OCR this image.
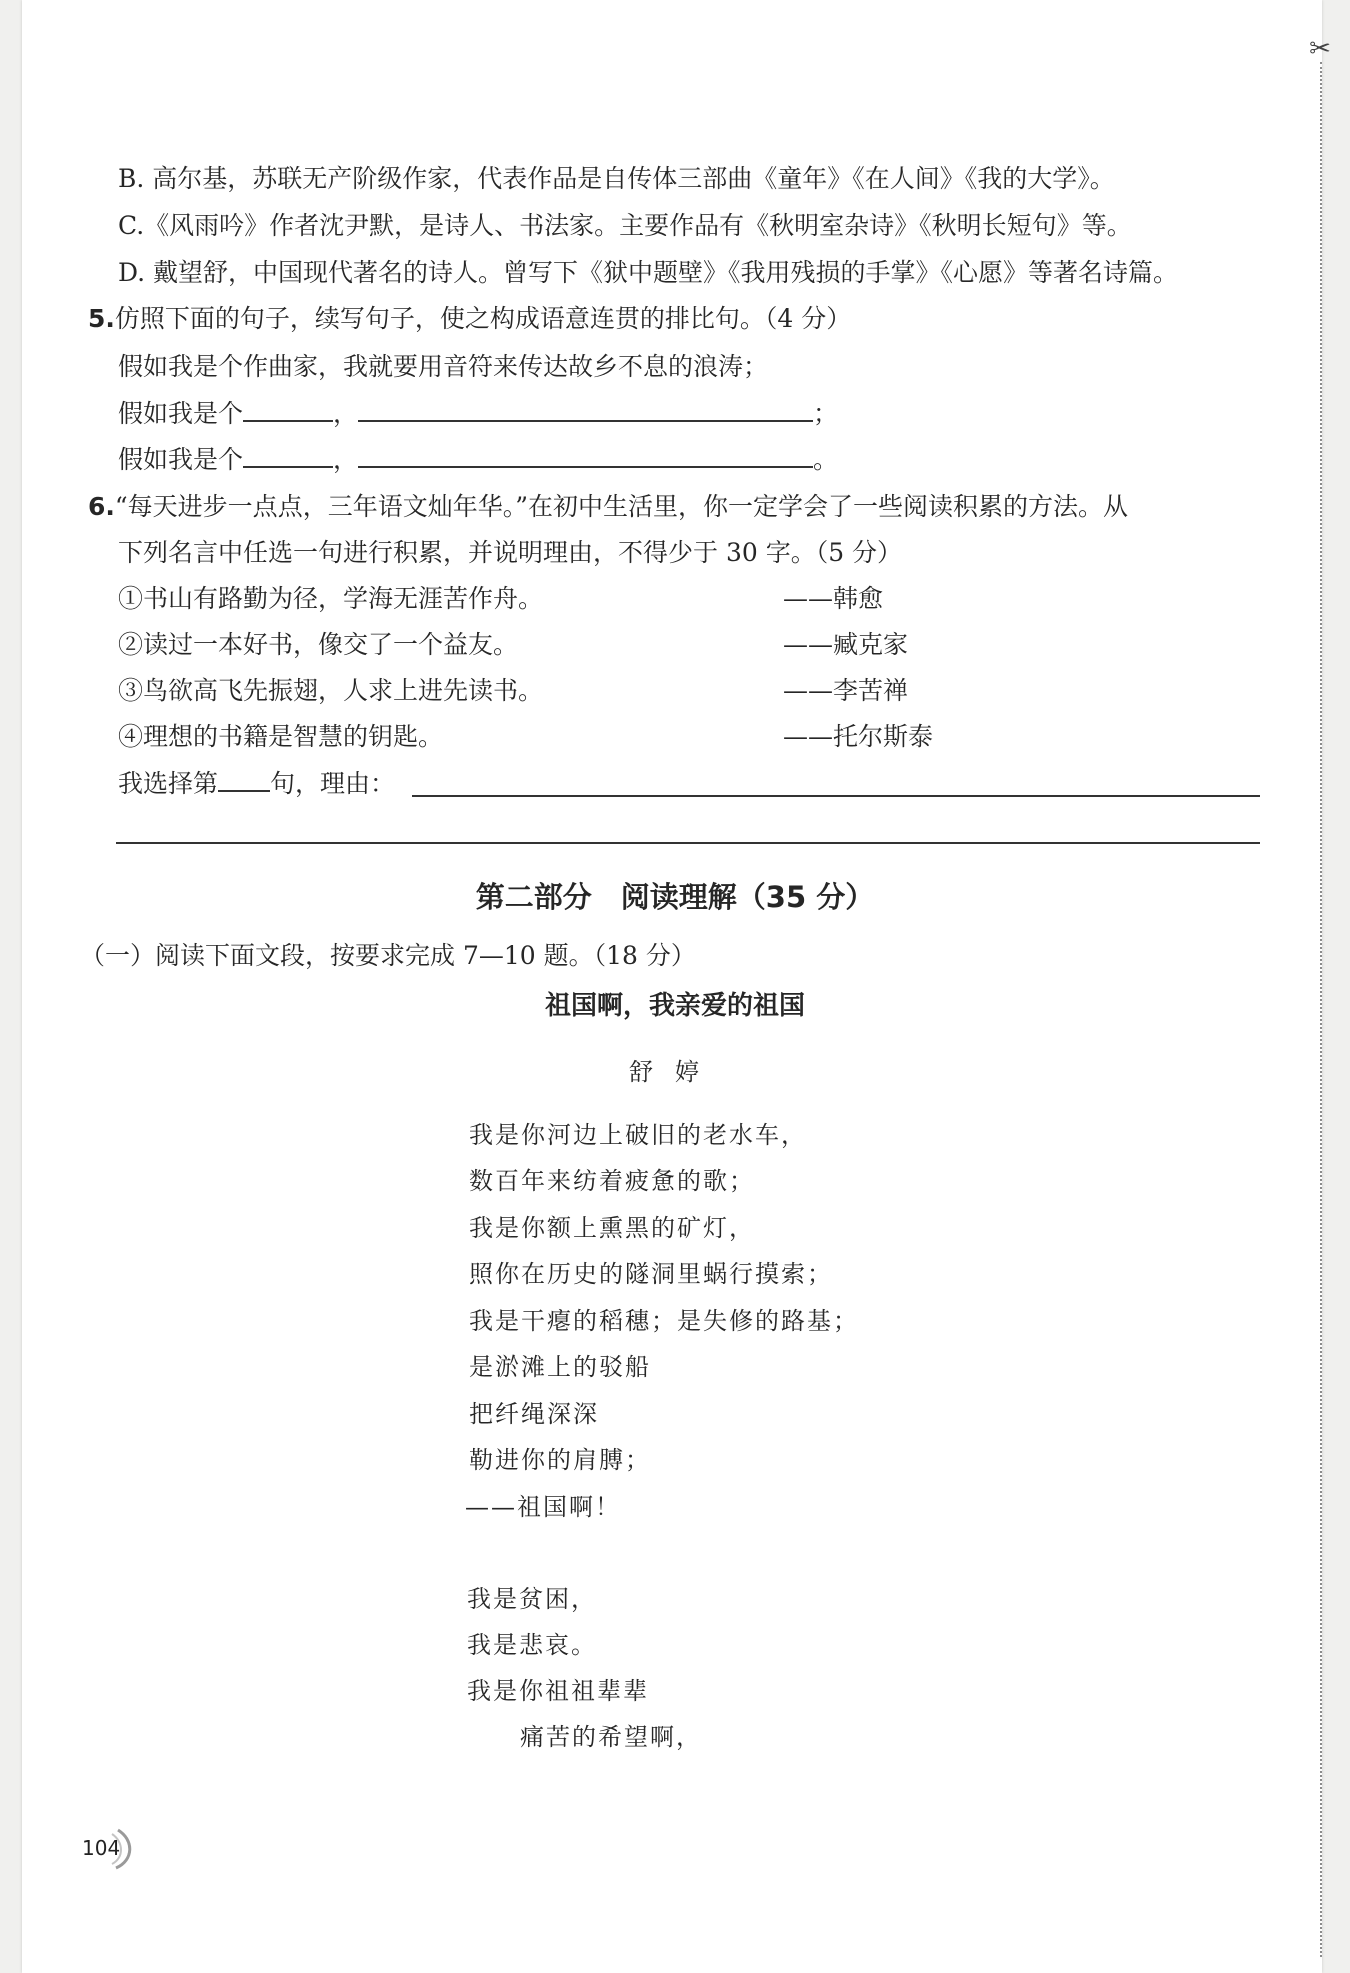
✂
B. 高尔基，苏联无产阶级作家，代表作品是自传体三部曲《童年》《在人间》《我的大学》。
C.《风雨吟》作者沈尹默，是诗人、书法家。主要作品有《秋明室杂诗》《秋明长短句》等。
D. 戴望舒，中国现代著名的诗人。曾写下《狱中题壁》《我用残损的手掌》《心愿》等著名诗篇。
5.仿照下面的句子，续写句子，使之构成语意连贯的排比句。（4 分）
假如我是个作曲家，我就要用音符来传达故乡不息的浪涛；
假如我是个	，	；
假如我是个	，	。
6.“每天进步一点点，三年语文灿年华。”在初中生活里，你一定学会了一些阅读积累的方法。从
下列名言中任选一句进行积累，并说明理由，不得少于 30 字。（5 分）
①书山有路勤为径，学海无涯苦作舟。	——韩愈
②读过一本好书，像交了一个益友。	——臧克家
③鸟欲高飞先振翅，人求上进先读书。	——李苦禅
④理想的书籍是智慧的钥匙。	——托尔斯泰
我选择第 句，理由：
第二部分　阅读理解（35 分）
（一）阅读下面文段，按要求完成 7—10 题。（18 分）
祖国啊，我亲爱的祖国
舒婷
我是你河边上破旧的老水车，
数百年来纺着疲惫的歌；
我是你额上熏黑的矿灯，
照你在历史的隧洞里蜗行摸索；
我是干瘪的稻穗；是失修的路基；
是淤滩上的驳船
把纤绳深深
勒进你的肩膊；
——祖国啊！
我是贫困，
我是悲哀。
我是你祖祖辈辈
痛苦的希望啊，
104
